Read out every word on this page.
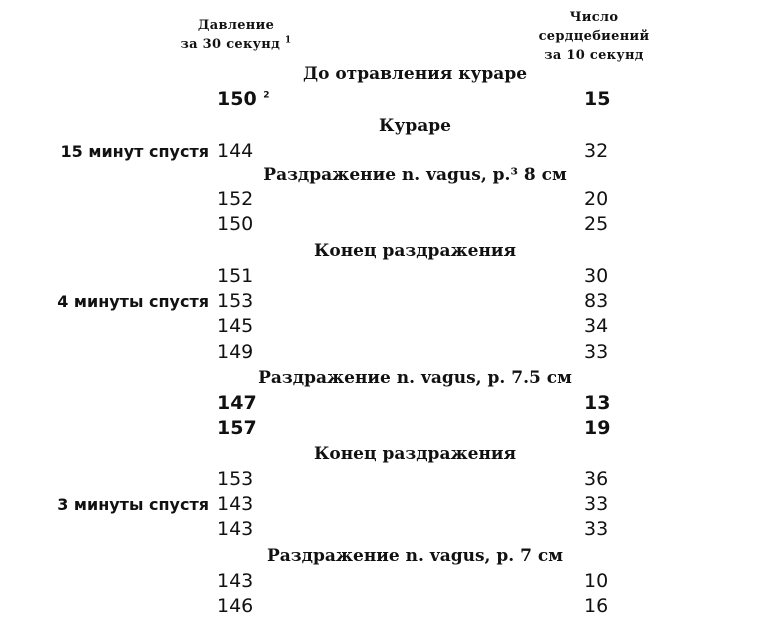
Давление
за 30 секунд $^1$
Число
сердцебиений
за 10 секунд
До отравления кураре
150 $^2$	15
Кураре
15 минут спустя 144	32
Раздражение n. vagus, p.³ 8 см
152	20
150	25
Конец раздражения
151	30
4 минуты спустя 153	83
145	34
149	33
Раздражение n. vagus, p. 7.5 см
147	13
157	19
Конец раздражения
153	36
3 минуты спустя 143	33
143	33
Раздражение n. vagus, p. 7 см
143	10
146	16
